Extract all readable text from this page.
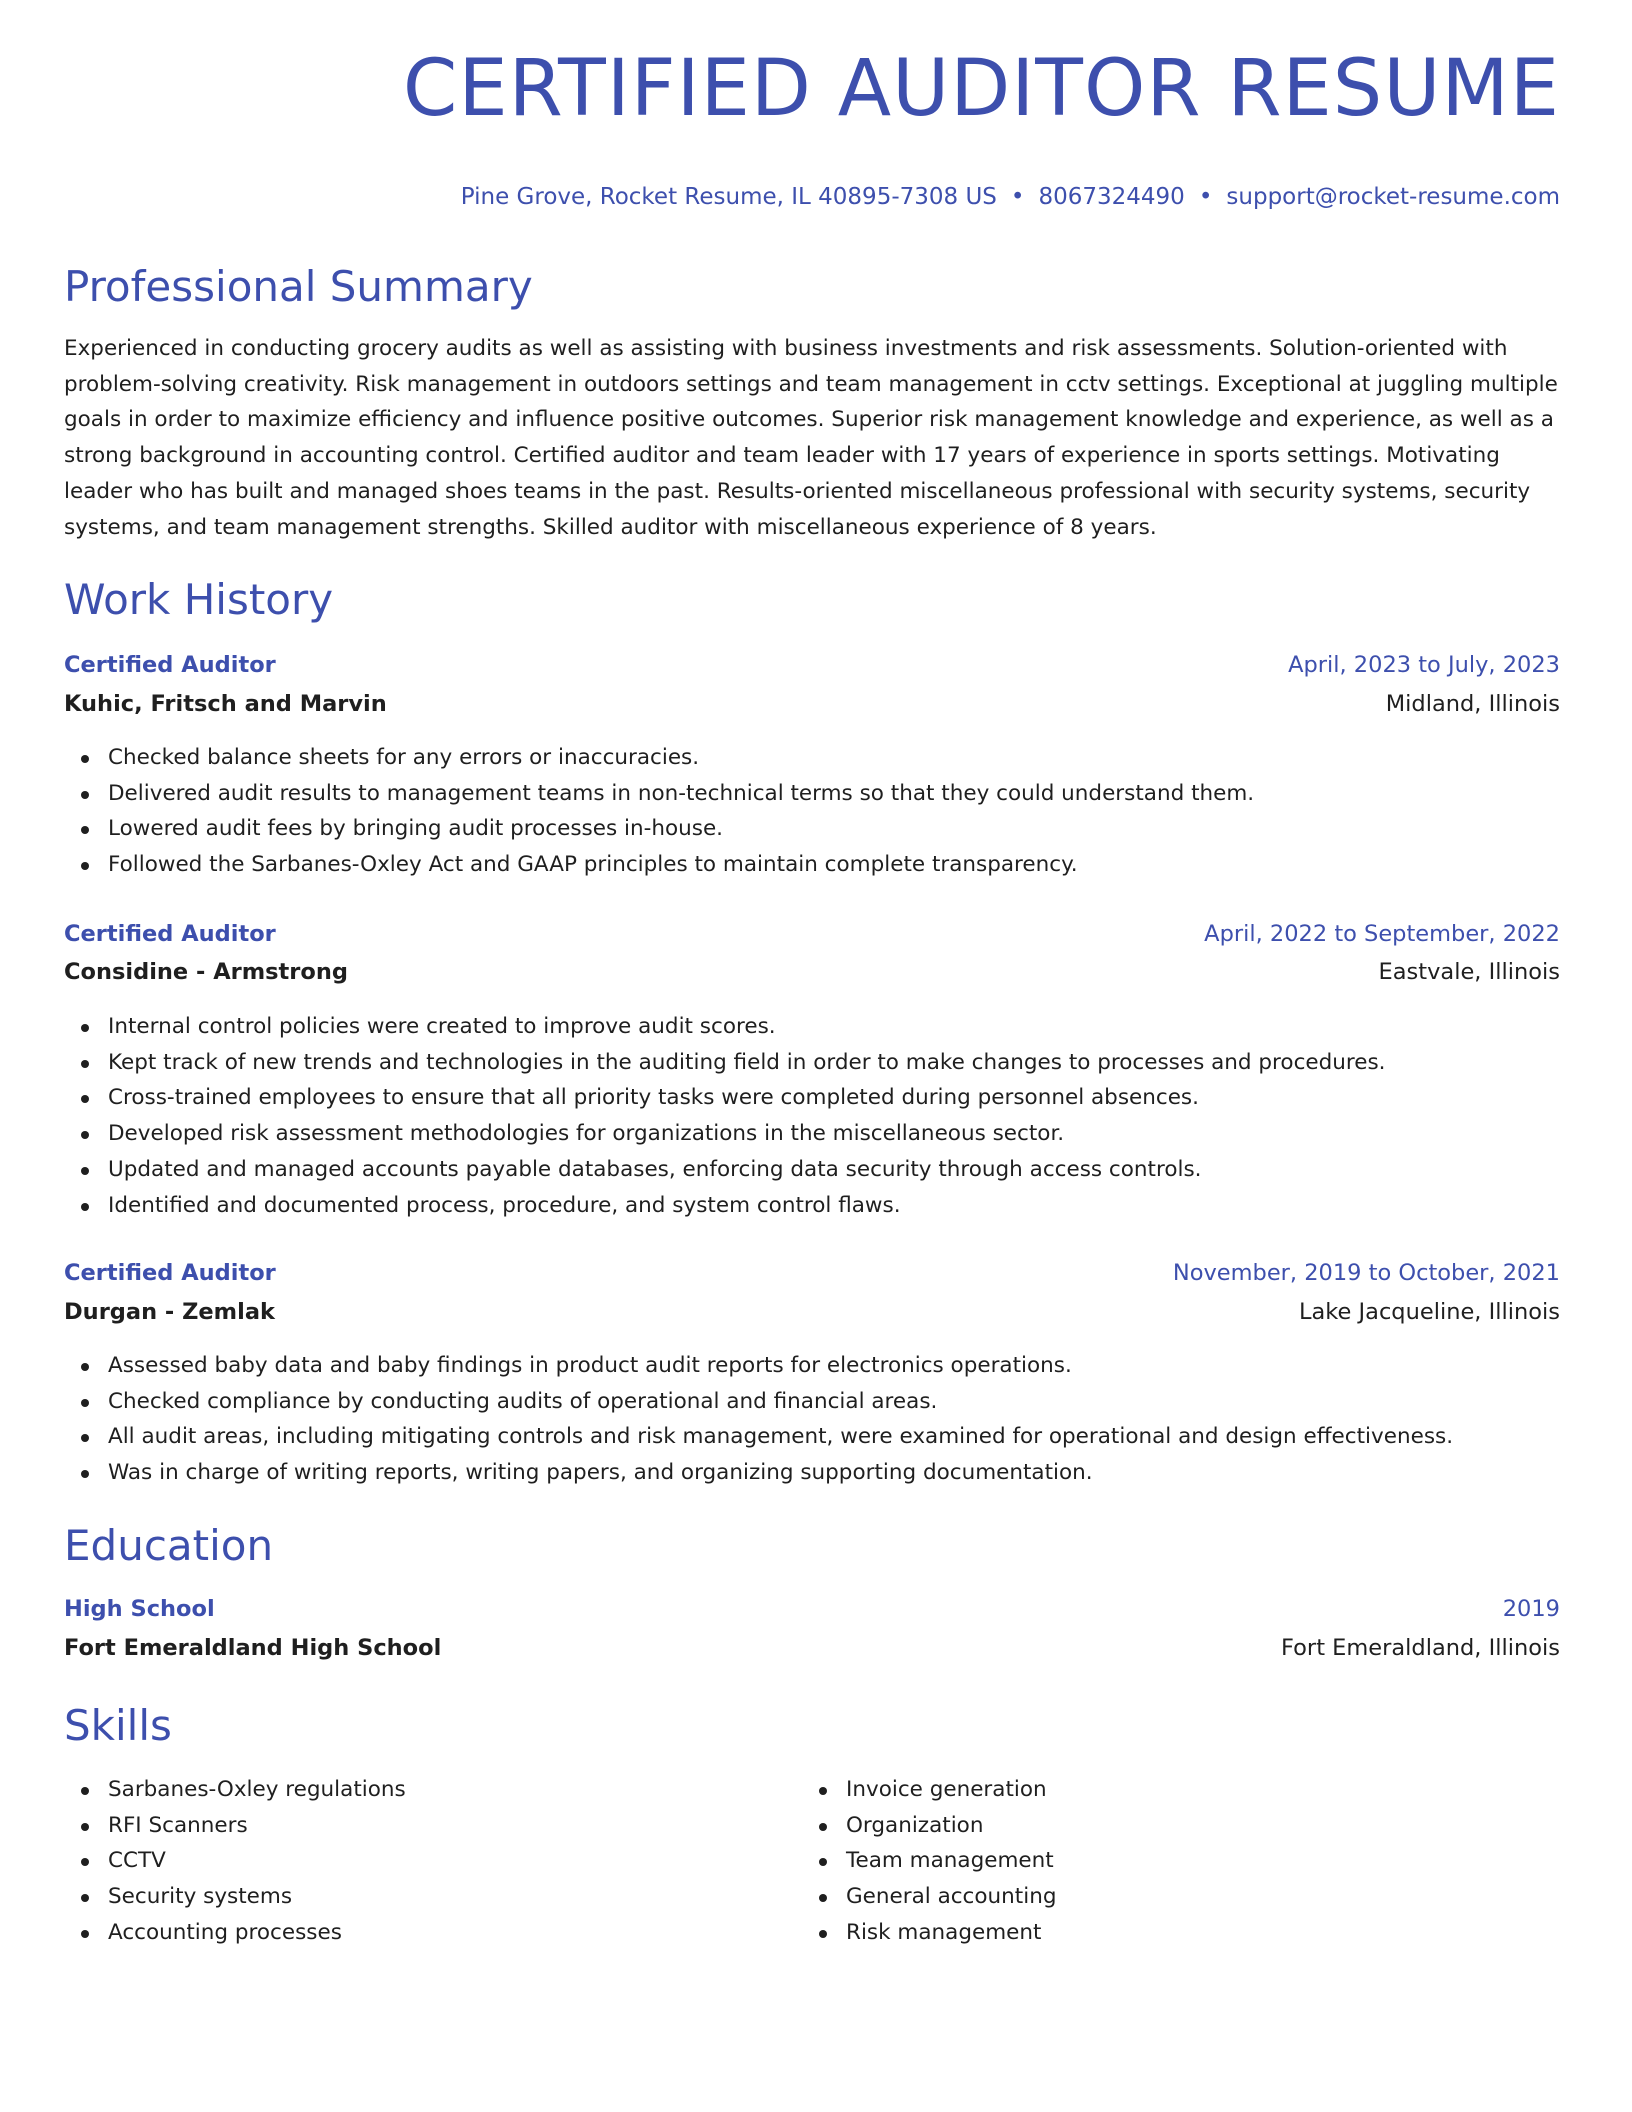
CERTIFIED AUDITOR RESUME

Pine Grove, Rocket Resume, IL 40895-7308 US • 8067324490 • support@rocket-resume.com

Professional Summary

Experienced in conducting grocery audits as well as assisting with business investments and risk assessments. Solution-oriented with problem-solving creativity. Risk management in outdoors settings and team management in cctv settings. Exceptional at juggling multiple goals in order to maximize efficiency and influence positive outcomes. Superior risk management knowledge and experience, as well as a strong background in accounting control. Certified auditor and team leader with 17 years of experience in sports settings. Motivating leader who has built and managed shoes teams in the past. Results-oriented miscellaneous professional with security systems, security systems, and team management strengths. Skilled auditor with miscellaneous experience of 8 years.

Work History
Certified Auditor	April, 2023 to July, 2023
Kuhic, Fritsch and Marvin	Midland, Illinois
Checked balance sheets for any errors or inaccuracies.
Delivered audit results to management teams in non-technical terms so that they could understand them.
Lowered audit fees by bringing audit processes in-house.
Followed the Sarbanes-Oxley Act and GAAP principles to maintain complete transparency.
Certified Auditor	April, 2022 to September, 2022
Considine - Armstrong	Eastvale, Illinois
Internal control policies were created to improve audit scores.
Kept track of new trends and technologies in the auditing field in order to make changes to processes and procedures.
Cross-trained employees to ensure that all priority tasks were completed during personnel absences.
Developed risk assessment methodologies for organizations in the miscellaneous sector.
Updated and managed accounts payable databases, enforcing data security through access controls.
Identified and documented process, procedure, and system control flaws.
Certified Auditor	November, 2019 to October, 2021
Durgan - Zemlak	Lake Jacqueline, Illinois
Assessed baby data and baby findings in product audit reports for electronics operations.
Checked compliance by conducting audits of operational and financial areas.
All audit areas, including mitigating controls and risk management, were examined for operational and design effectiveness.
Was in charge of writing reports, writing papers, and organizing supporting documentation.
Education
High School	2019
Fort Emeraldland High School	Fort Emeraldland, Illinois
Skills
Sarbanes-Oxley regulations
RFI Scanners
CCTV
Security systems
Accounting processes
Invoice generation
Organization
Team management
General accounting
Risk management
